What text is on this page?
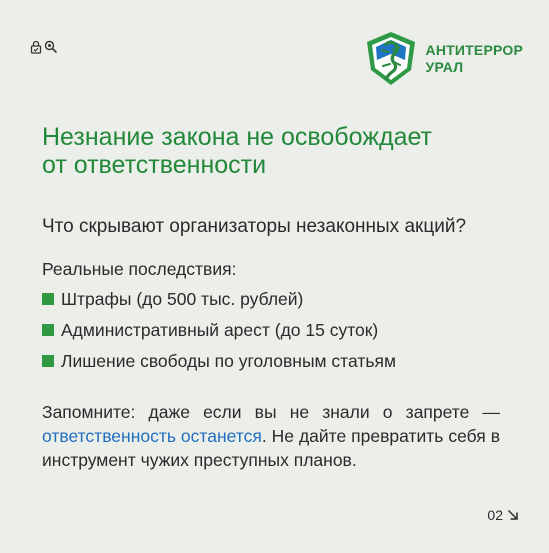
АНТИТЕРРОР
УРАЛ
Незнание закона не освобождает
от ответственности
Что скрывают организаторы незаконных акций?
Реальные последствия:
Штрафы (до 500 тыс. рублей)
Административный арест (до 15 суток)
Лишение свободы по уголовным статьям

Запомните: даже если вы не знали о запрете — ответственность останется. Не дайте превратить себя в инструмент чужих преступных планов.

02
